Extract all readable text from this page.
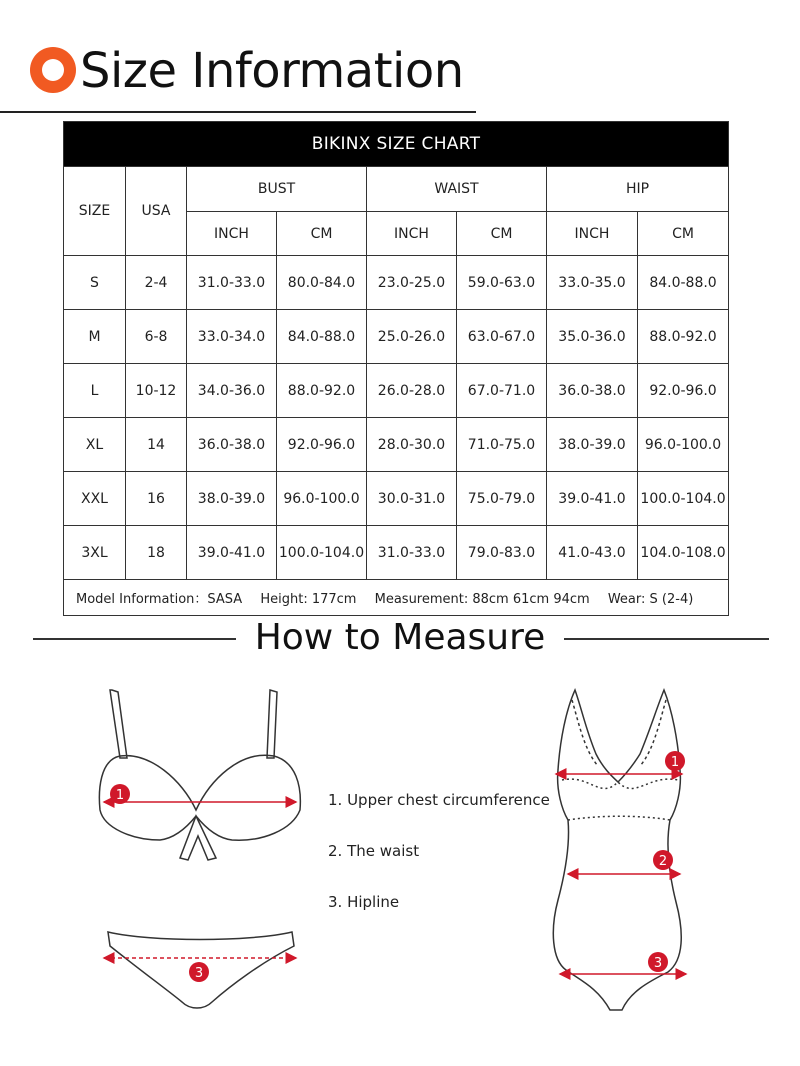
Size Information
BIKINX SIZE CHART							
SIZE	USA	BUST		WAIST		HIP	
		INCH	CM	INCH	CM	INCH	CM
S	2-4	31.0-33.0	80.0-84.0	23.0-25.0	59.0-63.0	33.0-35.0	84.0-88.0
M	6-8	33.0-34.0	84.0-88.0	25.0-26.0	63.0-67.0	35.0-36.0	88.0-92.0
L	10-12	34.0-36.0	88.0-92.0	26.0-28.0	67.0-71.0	36.0-38.0	92.0-96.0
XL	14	36.0-38.0	92.0-96.0	28.0-30.0	71.0-75.0	38.0-39.0	96.0-100.0
XXL	16	38.0-39.0	96.0-100.0	30.0-31.0	75.0-79.0	39.0-41.0	100.0-104.0
3XL	18	39.0-41.0	100.0-104.0	31.0-33.0	79.0-83.0	41.0-43.0	104.0-108.0
Model Information：SASA Height: 177cm Measurement: 88cm 61cm 94cm Wear: S (2-4)							
How to Measure
1
3
1
2
3
1. Upper chest circumference
2. The waist
3. Hipline
